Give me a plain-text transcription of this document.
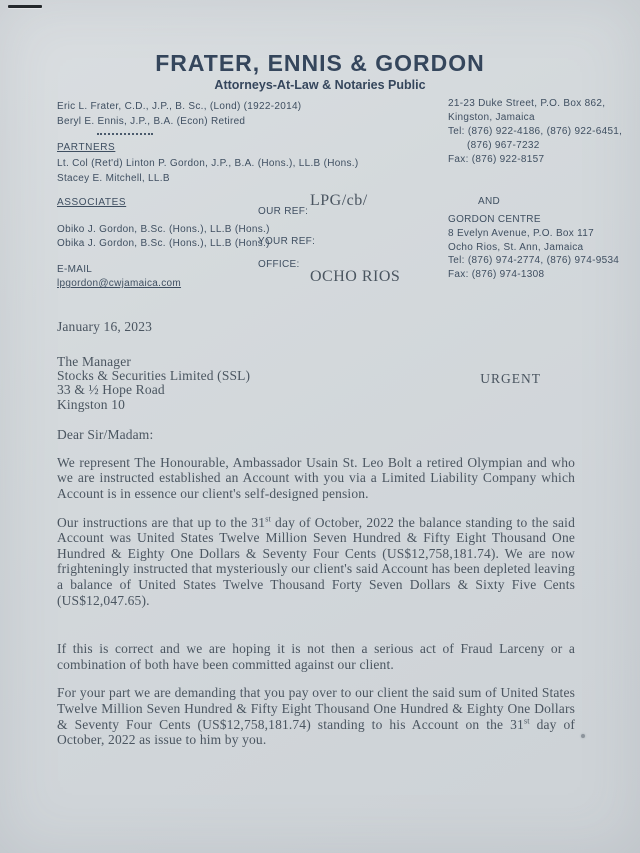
FRATER, ENNIS & GORDON
Attorneys-At-Law & Notaries Public
Eric L. Frater, C.D., J.P., B. Sc., (Lond) (1922-2014)
Beryl E. Ennis, J.P., B.A. (Econ) Retired
PARTNERS
Lt. Col (Ret'd) Linton P. Gordon, J.P., B.A. (Hons.), LL.B (Hons.)
Stacey E. Mitchell, LL.B
21-23 Duke Street, P.O. Box 862,
Kingston, Jamaica
Tel: (876) 922-4186, (876) 922-6451,
(876) 967-7232
Fax: (876) 922-8157
ASSOCIATES
Obiko J. Gordon, B.Sc. (Hons.), LL.B (Hons.)
Obika J. Gordon, B.Sc. (Hons.), LL.B (Hons.)
E-MAIL
lpgordon@cwjamaica.com
OUR REF:
LPG/cb/
YOUR REF:
OFFICE:
OCHO RIOS
AND
GORDON CENTRE
8 Evelyn Avenue, P.O. Box 117
Ocho Rios, St. Ann, Jamaica
Tel: (876) 974-2774, (876) 974-9534
Fax: (876) 974-1308
URGENT
January 16, 2023
The Manager
Stocks & Securities Limited (SSL)
33 & ½ Hope Road
Kingston 10
Dear Sir/Madam:

We represent The Honourable, Ambassador Usain St. Leo Bolt a retired Olympian and who we are instructed established an Account with you via a Limited Liability Company which Account is in essence our client's self-designed pension.

Our instructions are that up to the 31st day of October, 2022 the balance standing to the said Account was United States Twelve Million Seven Hundred & Fifty Eight Thousand One Hundred & Eighty One Dollars & Seventy Four Cents (US$12,758,181.74). We are now frighteningly instructed that mysteriously our client's said Account has been depleted leaving a balance of United States Twelve Thousand Forty Seven Dollars & Sixty Five Cents (US$12,047.65).

If this is correct and we are hoping it is not then a serious act of Fraud Larceny or a combination of both have been committed against our client.

For your part we are demanding that you pay over to our client the said sum of United States Twelve Million Seven Hundred & Fifty Eight Thousand One Hundred & Eighty One Dollars & Seventy Four Cents (US$12,758,181.74) standing to his Account on the 31st day of October, 2022 as issue to him by you.
